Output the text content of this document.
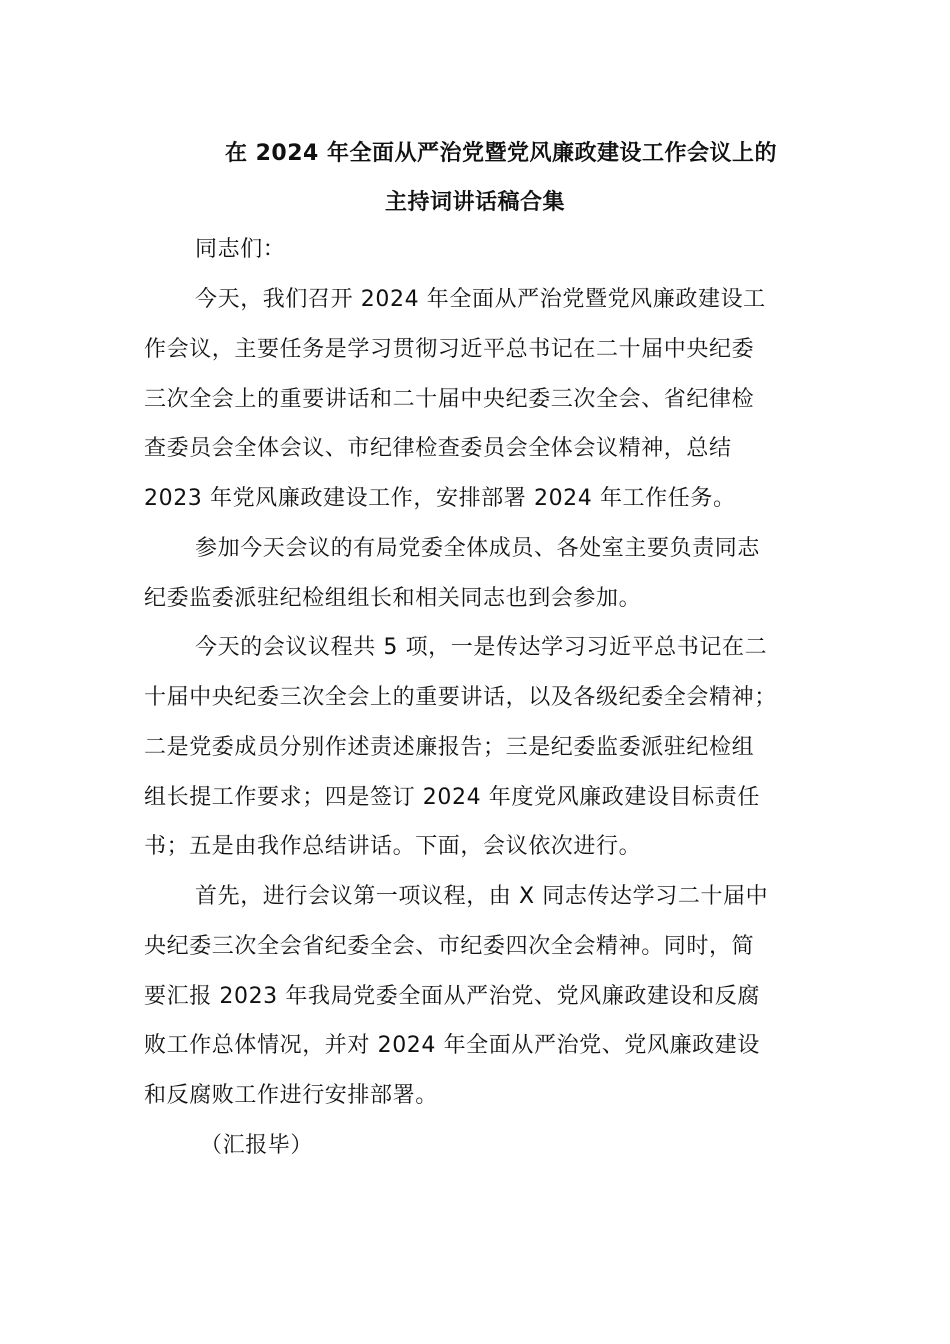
在 2024 年全面从严治党暨党风廉政建设工作会议上的
主持词讲话稿合集
同志们：
今天，我们召开 2024 年全面从严治党暨党风廉政建设工
作会议，主要任务是学习贯彻习近平总书记在二十届中央纪委
三次全会上的重要讲话和二十届中央纪委三次全会、省纪律检
查委员会全体会议、市纪律检查委员会全体会议精神，总结
2023 年党风廉政建设工作，安排部署 2024 年工作任务。
参加今天会议的有局党委全体成员、各处室主要负责同志
纪委监委派驻纪检组组长和相关同志也到会参加。
今天的会议议程共 5 项，一是传达学习习近平总书记在二
十届中央纪委三次全会上的重要讲话，以及各级纪委全会精神；
二是党委成员分别作述责述廉报告；三是纪委监委派驻纪检组
组长提工作要求；四是签订 2024 年度党风廉政建设目标责任
书；五是由我作总结讲话。下面，会议依次进行。
首先，进行会议第一项议程，由 X 同志传达学习二十届中
央纪委三次全会省纪委全会、市纪委四次全会精神。同时，简
要汇报 2023 年我局党委全面从严治党、党风廉政建设和反腐
败工作总体情况，并对 2024 年全面从严治党、党风廉政建设
和反腐败工作进行安排部署。
（汇报毕）
